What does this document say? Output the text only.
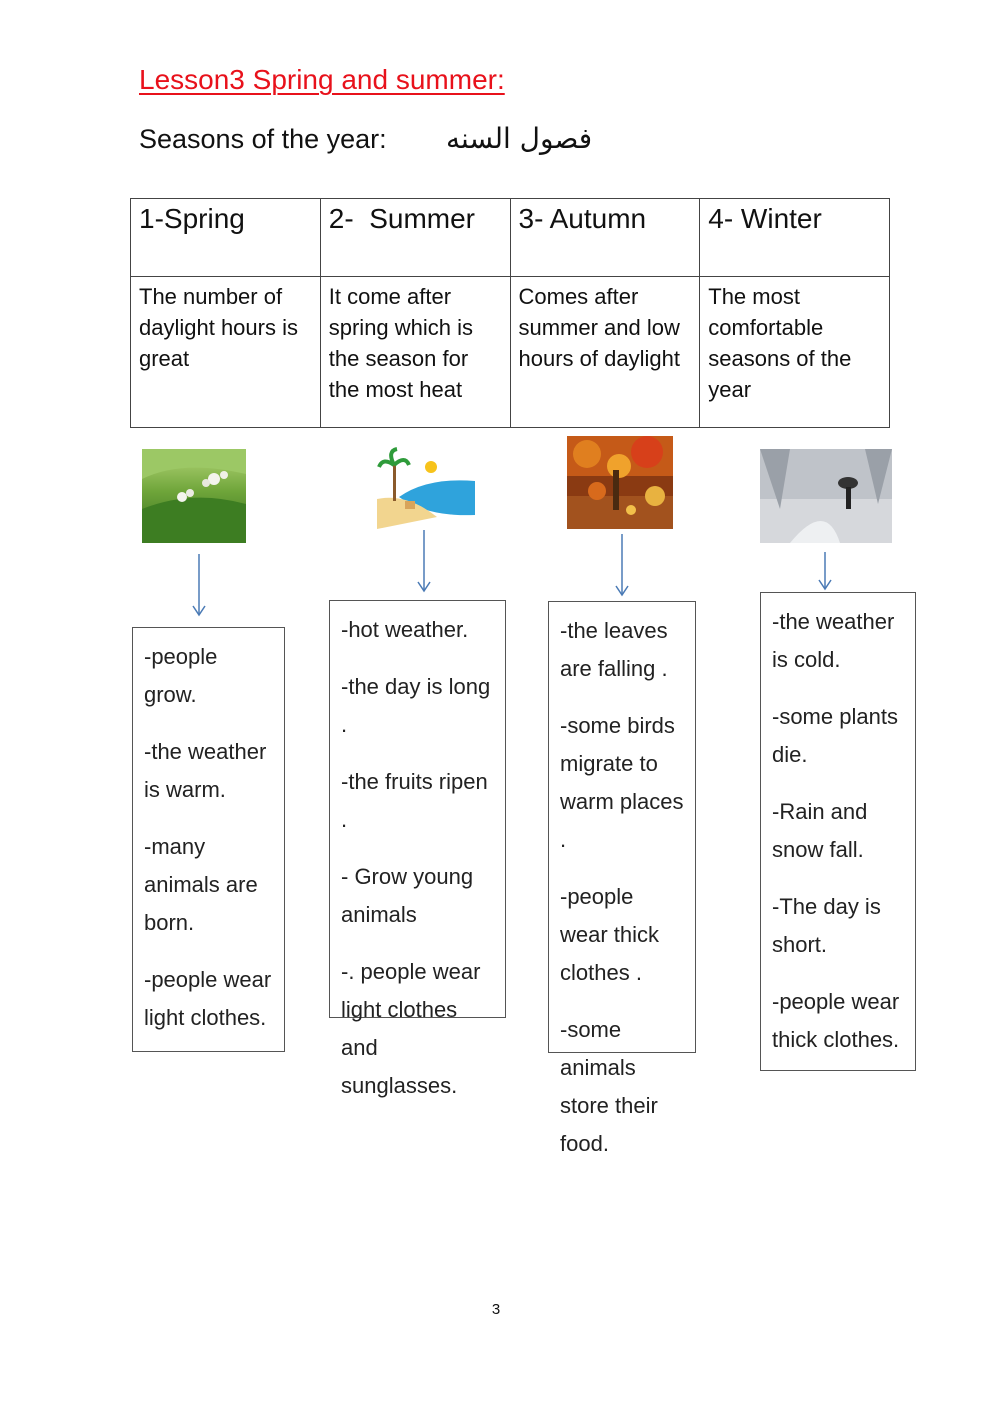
Lesson3 Spring and summer:
Seasons of the year: فصول السنه
1-Spring	2-  Summer	3- Autumn	4- Winter
The number of daylight hours is great	It come after spring which is the season for the most heat	Comes after summer and low hours of daylight	The most comfortable seasons of the year

-people grow.

-the weather is warm.

-many animals are born.

-people wear light clothes.

-hot weather.

-the day is long .

-the fruits ripen .

- Grow young animals

-. people wear light clothes and sunglasses.

-the leaves are falling .

-some birds migrate to warm places .

-people wear thick clothes .

-some animals store their food.

-the weather is cold.

-some plants die.

-Rain and snow fall.

-The day is short.

-people wear thick clothes.

3
